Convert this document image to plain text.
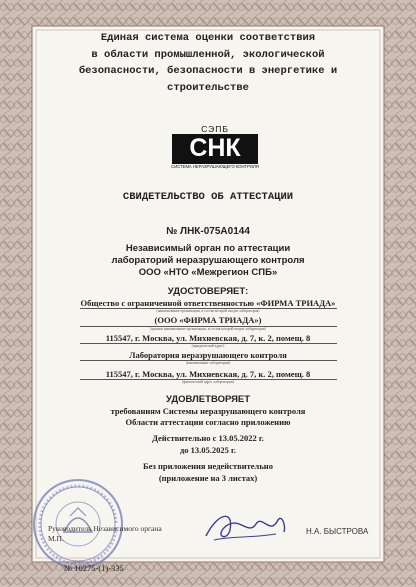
Единая система оценки соответствия
в области промышленной, экологической
безопасности, безопасности в энергетике и
строительстве
СЭПБ
СНК
СИСТЕМА НЕРАЗРУШАЮЩЕГО КОНТРОЛЯ
СВИДЕТЕЛЬСТВО ОБ АТТЕСТАЦИИ
№ ЛНК-075А0144
Независимый орган по аттестации
лабораторий неразрушающего контроля
ООО «НТО «Межрегион СПБ»
УДОСТОВЕРЯЕТ:
Общество с ограниченной ответственностью «ФИРМА ТРИАДА»
(наименование организации, в состав которой входит лаборатория)
(ООО «ФИРМА ТРИАДА»)
(краткое наименование организации, в состав которой входит лаборатория)
115547, г. Москва, ул. Михневская, д. 7, к. 2, помещ. 8
(юридический адрес)
Лаборатория неразрушающего контроля
(наименование лаборатории)
115547, г. Москва, ул. Михневская, д. 7, к. 2, помещ. 8
(фактический адрес лаборатории)
УДОВЛЕТВОРЯЕТ
требованиям Системы неразрушающего контроля
Области аттестации согласно приложению
Действительно с 13.05.2022 г.
до 13.05.2025 г.
Без приложения недействительно
(приложение на 3 листах)
Руководитель Независимого органа
М.П.
Н.А. БЫСТРОВА
№ 10275-(1)-335
